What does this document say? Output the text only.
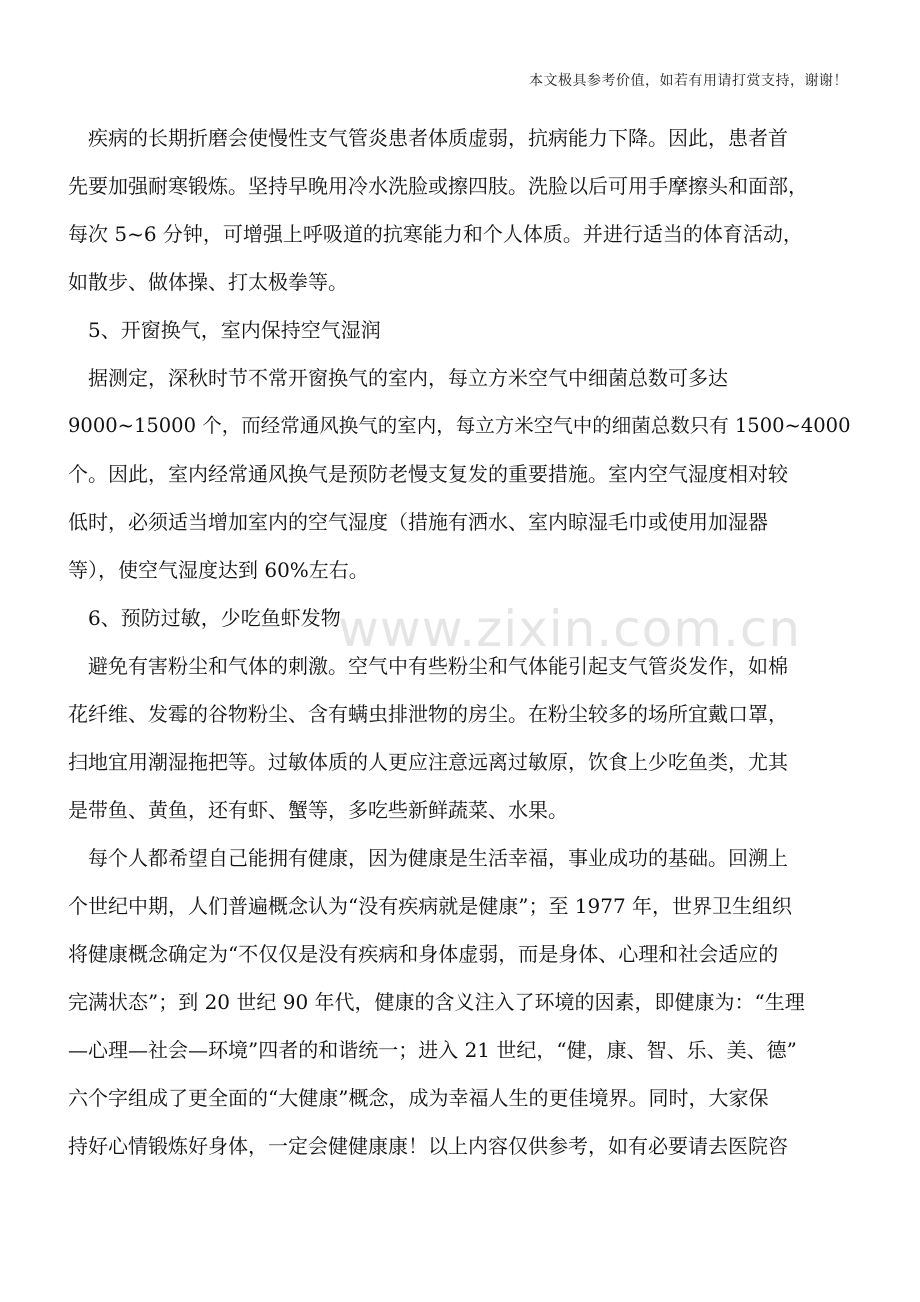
本文极具参考价值，如若有用请打赏支持，谢谢！
www.zixin.com.cn
疾病的长期折磨会使慢性支气管炎患者体质虚弱，抗病能力下降。因此，患者首
先要加强耐寒锻炼。坚持早晚用冷水洗脸或擦四肢。洗脸以后可用手摩擦头和面部，
每次 5~6 分钟，可增强上呼吸道的抗寒能力和个人体质。并进行适当的体育活动，
如散步、做体操、打太极拳等。
5、开窗换气，室内保持空气湿润
据测定，深秋时节不常开窗换气的室内，每立方米空气中细菌总数可多达
9000~15000 个，而经常通风换气的室内，每立方米空气中的细菌总数只有 1500~4000
个。因此，室内经常通风换气是预防老慢支复发的重要措施。室内空气湿度相对较
低时，必须适当增加室内的空气湿度（措施有洒水、室内晾湿毛巾或使用加湿器
等），使空气湿度达到 60%左右。
6、预防过敏，少吃鱼虾发物
避免有害粉尘和气体的刺激。空气中有些粉尘和气体能引起支气管炎发作，如棉
花纤维、发霉的谷物粉尘、含有螨虫排泄物的房尘。在粉尘较多的场所宜戴口罩，
扫地宜用潮湿拖把等。过敏体质的人更应注意远离过敏原，饮食上少吃鱼类，尤其
是带鱼、黄鱼，还有虾、蟹等，多吃些新鲜蔬菜、水果。
每个人都希望自己能拥有健康，因为健康是生活幸福，事业成功的基础。回溯上
个世纪中期，人们普遍概念认为“没有疾病就是健康”；至 1977 年，世界卫生组织
将健康概念确定为“不仅仅是没有疾病和身体虚弱，而是身体、心理和社会适应的
完满状态”；到 20 世纪 90 年代，健康的含义注入了环境的因素，即健康为：“生理
—心理—社会—环境”四者的和谐统一；进入 21 世纪，“健，康、智、乐、美、德”
六个字组成了更全面的“大健康”概念，成为幸福人生的更佳境界。同时，大家保
持好心情锻炼好身体，一定会健健康康！以上内容仅供参考，如有必要请去医院咨
